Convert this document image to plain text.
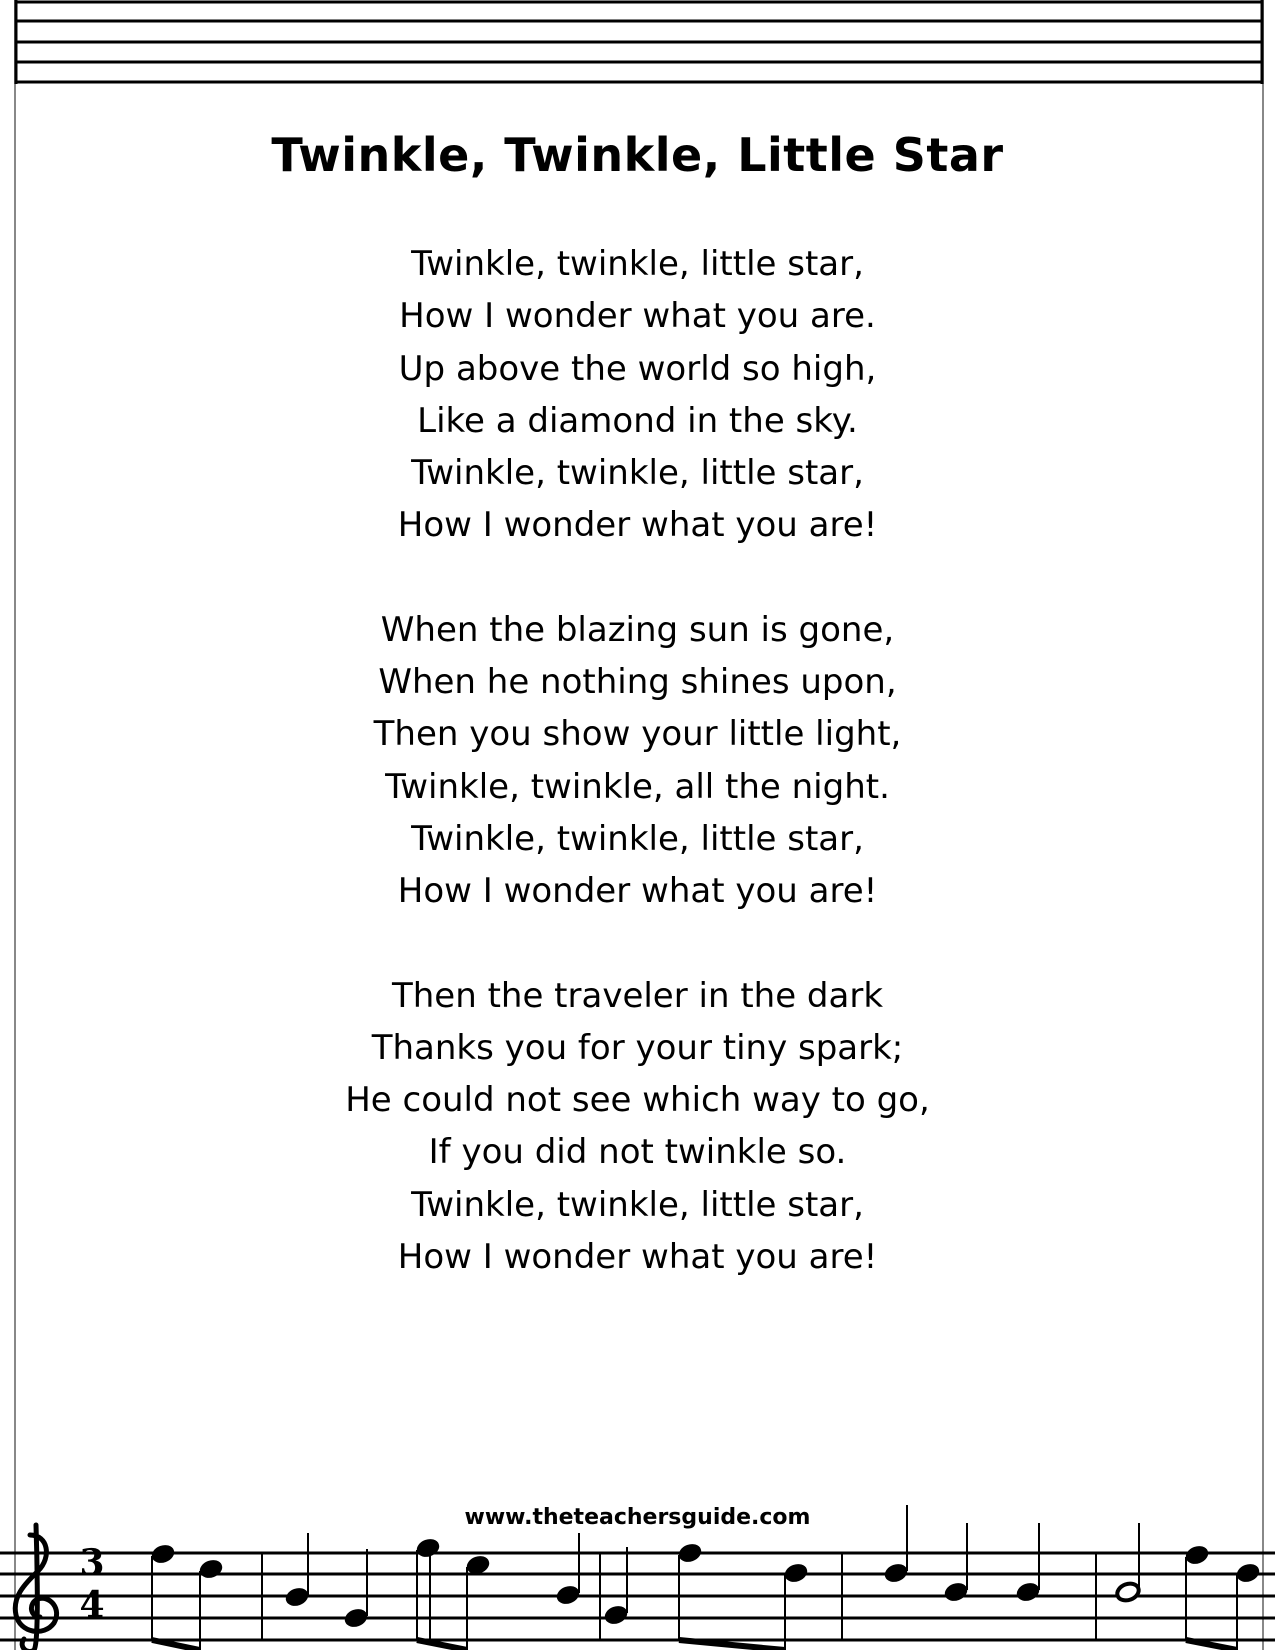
Twinkle, Twinkle, Little Star
Twinkle, twinkle, little star,
How I wonder what you are.
Up above the world so high,
Like a diamond in the sky.
Twinkle, twinkle, little star,
How I wonder what you are!
When the blazing sun is gone,
When he nothing shines upon,
Then you show your little light,
Twinkle, twinkle, all the night.
Twinkle, twinkle, little star,
How I wonder what you are!
Then the traveler in the dark
Thanks you for your tiny spark;
He could not see which way to go,
If you did not twinkle so.
Twinkle, twinkle, little star,
How I wonder what you are!
www.theteachersguide.com
3
4
